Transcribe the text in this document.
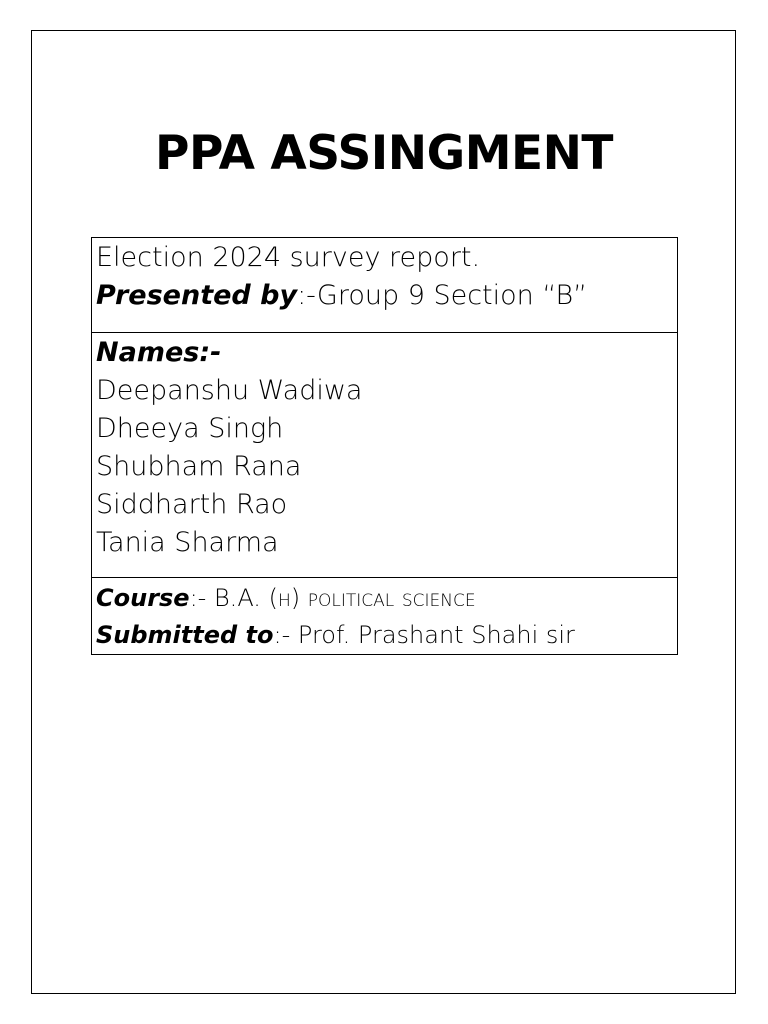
PPA ASSINGMENT
Election 2024 survey report.
Presented by:-Group 9 Section “B”

Names:-
Deepanshu Wadiwa
Dheeya Singh
Shubham Rana
Siddharth Rao
Tania Sharma

Course:- B.A. (h) political science
Submitted to:- Prof. Prashant Shahi sir
